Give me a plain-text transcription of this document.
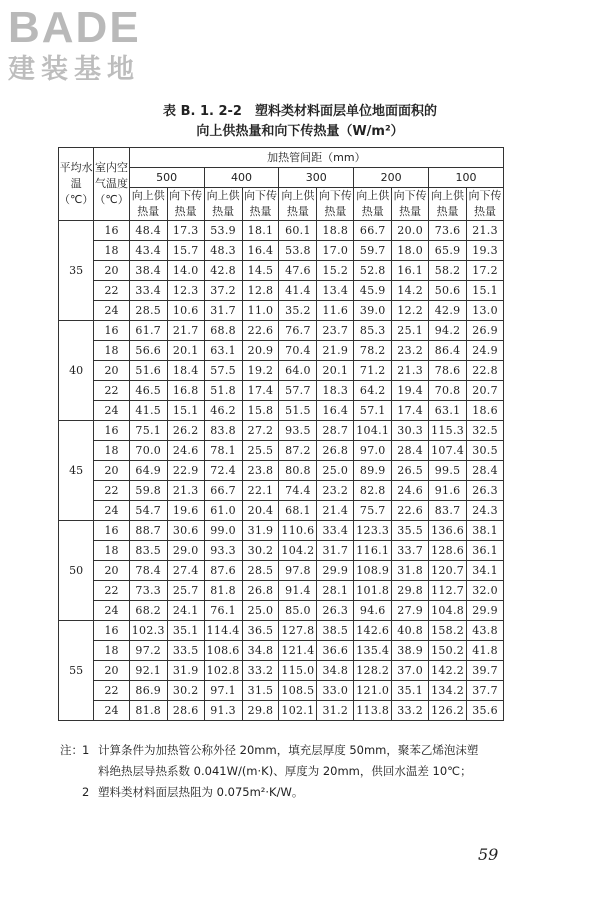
BADE
建装基地
表 B. 1. 2-2　塑料类材料面层单位地面面积的
向上供热量和向下传热量（W/m²）
平均水温（℃）	室内空气温度（℃）	加热管间距（mm）									
		500		400		300		200		100	
		向上供热量	向下传热量	向上供热量	向下传热量	向上供热量	向下传热量	向上供热量	向下传热量	向上供热量	向下传热量
35	16	48.4	17.3	53.9	18.1	60.1	18.8	66.7	20.0	73.6	21.3
	18	43.4	15.7	48.3	16.4	53.8	17.0	59.7	18.0	65.9	19.3
	20	38.4	14.0	42.8	14.5	47.6	15.2	52.8	16.1	58.2	17.2
	22	33.4	12.3	37.2	12.8	41.4	13.4	45.9	14.2	50.6	15.1
	24	28.5	10.6	31.7	11.0	35.2	11.6	39.0	12.2	42.9	13.0
40	16	61.7	21.7	68.8	22.6	76.7	23.7	85.3	25.1	94.2	26.9
	18	56.6	20.1	63.1	20.9	70.4	21.9	78.2	23.2	86.4	24.9
	20	51.6	18.4	57.5	19.2	64.0	20.1	71.2	21.3	78.6	22.8
	22	46.5	16.8	51.8	17.4	57.7	18.3	64.2	19.4	70.8	20.7
	24	41.5	15.1	46.2	15.8	51.5	16.4	57.1	17.4	63.1	18.6
45	16	75.1	26.2	83.8	27.2	93.5	28.7	104.1	30.3	115.3	32.5
	18	70.0	24.6	78.1	25.5	87.2	26.8	97.0	28.4	107.4	30.5
	20	64.9	22.9	72.4	23.8	80.8	25.0	89.9	26.5	99.5	28.4
	22	59.8	21.3	66.7	22.1	74.4	23.2	82.8	24.6	91.6	26.3
	24	54.7	19.6	61.0	20.4	68.1	21.4	75.7	22.6	83.7	24.3
50	16	88.7	30.6	99.0	31.9	110.6	33.4	123.3	35.5	136.6	38.1
	18	83.5	29.0	93.3	30.2	104.2	31.7	116.1	33.7	128.6	36.1
	20	78.4	27.4	87.6	28.5	97.8	29.9	108.9	31.8	120.7	34.1
	22	73.3	25.7	81.8	26.8	91.4	28.1	101.8	29.8	112.7	32.0
	24	68.2	24.1	76.1	25.0	85.0	26.3	94.6	27.9	104.8	29.9
55	16	102.3	35.1	114.4	36.5	127.8	38.5	142.6	40.8	158.2	43.8
	18	97.2	33.5	108.6	34.8	121.4	36.6	135.4	38.9	150.2	41.8
	20	92.1	31.9	102.8	33.2	115.0	34.8	128.2	37.0	142.2	39.7
	22	86.9	30.2	97.1	31.5	108.5	33.0	121.0	35.1	134.2	37.7
	24	81.8	28.6	91.3	29.8	102.1	31.2	113.8	33.2	126.2	35.6
注： 1 计算条件为加热管公称外径 20mm，填充层厚度 50mm，聚苯乙烯泡沫塑
料绝热层导热系数 0.041W/(m·K)、厚度为 20mm，供回水温差 10℃；
2 塑料类材料面层热阻为 0.075m²·K/W。
59
